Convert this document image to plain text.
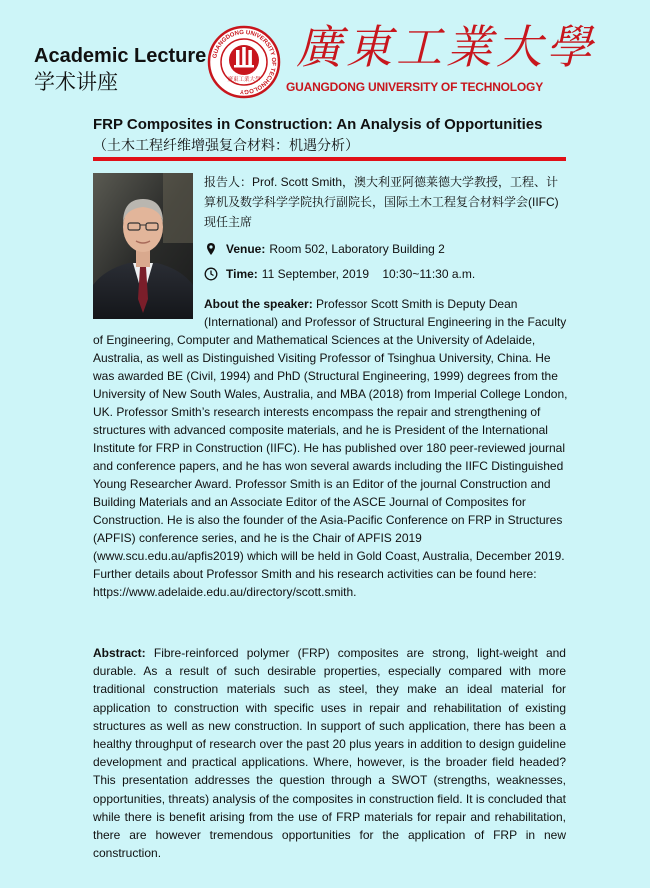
Academic Lecture
学术讲座
GUANGDONG UNIVERSITY OF TECHNOLOGY
廣東工業大學
廣東工業大學
GUANGDONG UNIVERSITY OF TECHNOLOGY
FRP Composites in Construction: An Analysis of Opportunities
（土木工程纤维增强复合材料：机遇分析）
报告人：Prof. Scott Smith，澳大利亚阿德莱德大学教授，工程、计算机及数学科学学院执行副院长，国际土木工程复合材料学会(IIFC)现任主席
Venue: Room 502, Laboratory Building 2
Time: 11 September, 2019    10:30~11:30 a.m.
About the speaker: Professor Scott Smith is Deputy Dean (International) and Professor of Structural Engineering in the Faculty of Engineering, Computer and Mathematical Sciences at the University of Adelaide, Australia, as well as Distinguished Visiting Professor of Tsinghua University, China. He was awarded BE (Civil, 1994) and PhD (Structural Engineering, 1999) degrees from the University of New South Wales, Australia, and MBA (2018) from Imperial College London, UK. Professor Smith’s research interests encompass the repair and strengthening of structures with advanced composite materials, and he is President of the International Institute for FRP in Construction (IIFC). He has published over 180 peer-reviewed journal and conference papers, and he has won several awards including the IIFC Distinguished Young Researcher Award. Professor Smith is an Editor of the journal Construction and Building Materials and an Associate Editor of the ASCE Journal of Composites for Construction. He is also the founder of the Asia-Pacific Conference on FRP in Structures (APFIS) conference series, and he is the Chair of APFIS 2019 (www.scu.edu.au/apfis2019) which will be held in Gold Coast, Australia, December 2019. Further details about Professor Smith and his research activities can be found here:
https://www.adelaide.edu.au/directory/scott.smith.
Abstract: Fibre-reinforced polymer (FRP) composites are strong, light-weight and durable. As a result of such desirable properties, especially compared with more traditional construction materials such as steel, they make an ideal material for application to construction with specific uses in repair and rehabilitation of existing structures as well as new construction. In support of such application, there has been a healthy throughput of research over the past 20 plus years in addition to design guideline development and practical applications. Where, however, is the broader field headed? This presentation addresses the question through a SWOT (strengths, weaknesses, opportunities, threats) analysis of the composites in construction field. It is concluded that while there is benefit arising from the use of FRP materials for repair and rehabilitation, there are however tremendous opportunities for the application of FRP in new construction.
